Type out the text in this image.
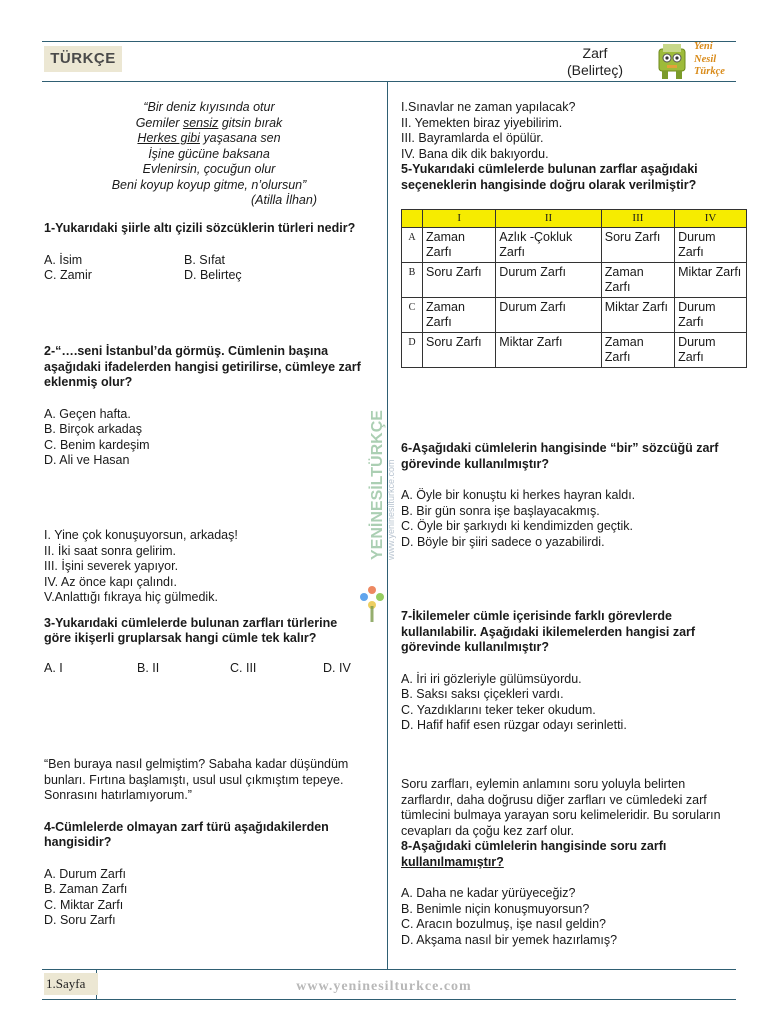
TÜRKÇE	Zarf
(Belirteç)
Yeni
Nesil
Türkçe

“Bir deniz kıyısında otur

Gemiler sensiz gitsin bırak

Herkes gibi yaşasana sen

İşine gücüne baksana

Evlenirsin, çocuğun olur

Beni koyup koyup gitme, n’olursun”

(Atilla İlhan)

1-Yukarıdaki şiirle altı çizili sözcüklerin türleri nedir?

A. İsim	B. Sıfat

C. Zamir	D. Belirteç

2-“….seni İstanbul’da görmüş. Cümlenin başına aşağıdaki ifadelerden hangisi getirilirse, cümleye zarf eklenmiş olur?

A. Geçen hafta.

B. Birçok arkadaş

C. Benim kardeşim

D. Ali ve Hasan

I. Yine çok konuşuyorsun, arkadaş!

II. İki saat sonra gelirim.

III. İşini severek yapıyor.

IV. Az önce kapı çalındı.

V.Anlattığı fıkraya hiç gülmedik.

3-Yukarıdaki cümlelerde bulunan zarfları türlerine göre ikişerli gruplarsak hangi cümle tek kalır?

A. I	B. II	C. III	D. IV

“Ben buraya nasıl gelmiştim? Sabaha kadar düşündüm bunları. Fırtına başlamıştı, usul usul çıkmıştım tepeye. Sonrasını hatırlamıyorum.”

4-Cümlelerde olmayan zarf türü aşağıdakilerden hangisidir?

A. Durum Zarfı

B. Zaman Zarfı

C. Miktar Zarfı

D. Soru Zarfı

YENİNESİLTÜRKÇE www.yeninesilturkce.com

I.Sınavlar ne zaman yapılacak?

II. Yemekten biraz yiyebilirim.

III. Bayramlarda el öpülür.

IV. Bana dik dik bakıyordu.

5-Yukarıdaki cümlelerde bulunan zarflar aşağıdaki seçeneklerin hangisinde doğru olarak verilmiştir?

	I	II	III	IV
A	Zaman Zarfı	Azlık -Çokluk Zarfı	Soru Zarfı	Durum Zarfı
B	Soru Zarfı	Durum Zarfı	Zaman Zarfı	Miktar Zarfı
C	Zaman Zarfı	Durum Zarfı	Miktar Zarfı	Durum Zarfı
D	Soru Zarfı	Miktar Zarfı	Zaman Zarfı	Durum Zarfı

6-Aşağıdaki cümlelerin hangisinde “bir” sözcüğü zarf görevinde kullanılmıştır?

A. Öyle bir konuştu ki herkes hayran kaldı.

B. Bir gün sonra işe başlayacakmış.

C. Öyle bir şarkıydı ki kendimizden geçtik.

D. Böyle bir şiiri sadece o yazabilirdi.

7-İkilemeler cümle içerisinde farklı görevlerde kullanılabilir. Aşağıdaki ikilemelerden hangisi zarf görevinde kullanılmıştır?

A. İri iri gözleriyle gülümsüyordu.

B. Saksı saksı çiçekleri vardı.

C. Yazdıklarını teker teker okudum.

D. Hafif hafif esen rüzgar odayı serinletti.

Soru zarfları, eylemin anlamını soru yoluyla belirten zarflardır, daha doğrusu diğer zarfları ve cümledeki zarf tümlecini bulmaya yarayan soru kelimeleridir. Bu soruların cevapları da çoğu kez zarf olur.

8-Aşağıdaki cümlelerin hangisinde soru zarfı kullanılmamıştır?

A. Daha ne kadar yürüyeceğiz?

B. Benimle niçin konuşmuyorsun?

C. Aracın bozulmuş, işe nasıl geldin?

D. Akşama nasıl bir yemek hazırlamış?

1.Sayfa	www.yeninesilturkce.com
